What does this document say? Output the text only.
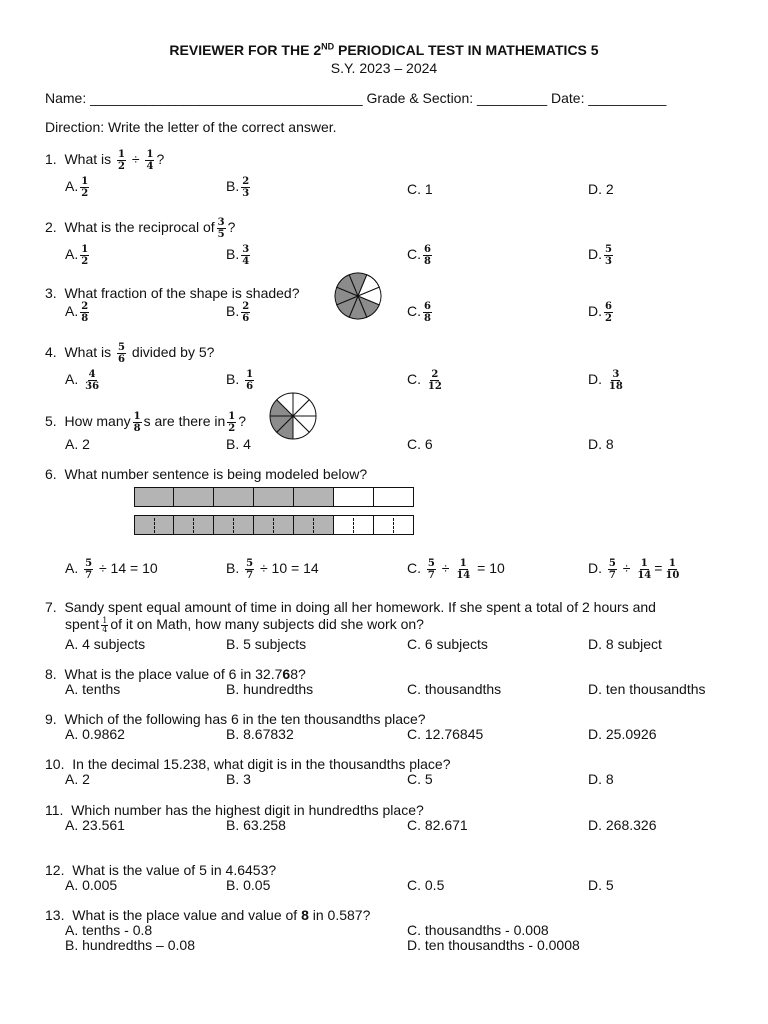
REVIEWER FOR THE 2ND PERIODICAL TEST IN MATHEMATICS 5
S.Y. 2023 – 2024
Name: ___________________________________ Grade & Section: _________ Date: __________
Direction: Write the letter of the correct answer.
1. What is $\frac{1}{2} \div \frac{1}{4}$ ?
A. $\frac{1}{2}$	B. $\frac{2}{3}$	C. 1	D. 2
2. What is the reciprocal of $\frac{3}{5}$ ?
A. $\frac{1}{2}$	B. $\frac{3}{4}$	C. $\frac{6}{8}$	D. $\frac{5}{3}$
3. What fraction of the shape is shaded?
A. $\frac{2}{8}$	B. $\frac{2}{6}$	C. $\frac{6}{8}$	D. $\frac{6}{2}$
4. What is $\frac{5}{6}$ divided by 5?
A. $\frac{4}{36}$	B. $\frac{1}{6}$	C. $\frac{2}{12}$	D. $\frac{3}{18}$
5. How many $\frac{1}{8}$ s are there in $\frac{1}{2}$ ?
A. 2	B. 4	C. 6	D. 8
6. What number sentence is being modeled below?
A. $\frac{5}{7} \div 14 = 10$	B. $\frac{5}{7} \div 10 = 14$	C. $\frac{5}{7} \div \frac{1}{14} = 10$	D. $\frac{5}{7} \div \frac{1}{14} = \frac{1}{10}$
7. Sandy spent equal amount of time in doing all her homework. If she spent a total of 2 hours and
spent $\frac{1}{4}$ of it on Math, how many subjects did she work on?
A. 4 subjects	B. 5 subjects	C. 6 subjects	D. 8 subject
8. What is the place value of 6 in 32.768?
A. tenths	B. hundredths	C. thousandths	D. ten thousandths
9. Which of the following has 6 in the ten thousandths place?
A. 0.9862	B. 8.67832	C. 12.76845	D. 25.0926
10. In the decimal 15.238, what digit is in the thousandths place?
A. 2	B. 3	C. 5	D. 8
11. Which number has the highest digit in hundredths place?
A. 23.561	B. 63.258	C. 82.671	D. 268.326
12. What is the value of 5 in 4.6453?
A. 0.005	B. 0.05	C. 0.5	D. 5
13. What is the place value and value of 8 in 0.587?
A. tenths - 0.8	C. thousandths - 0.008
B. hundredths – 0.08	D. ten thousandths - 0.0008
